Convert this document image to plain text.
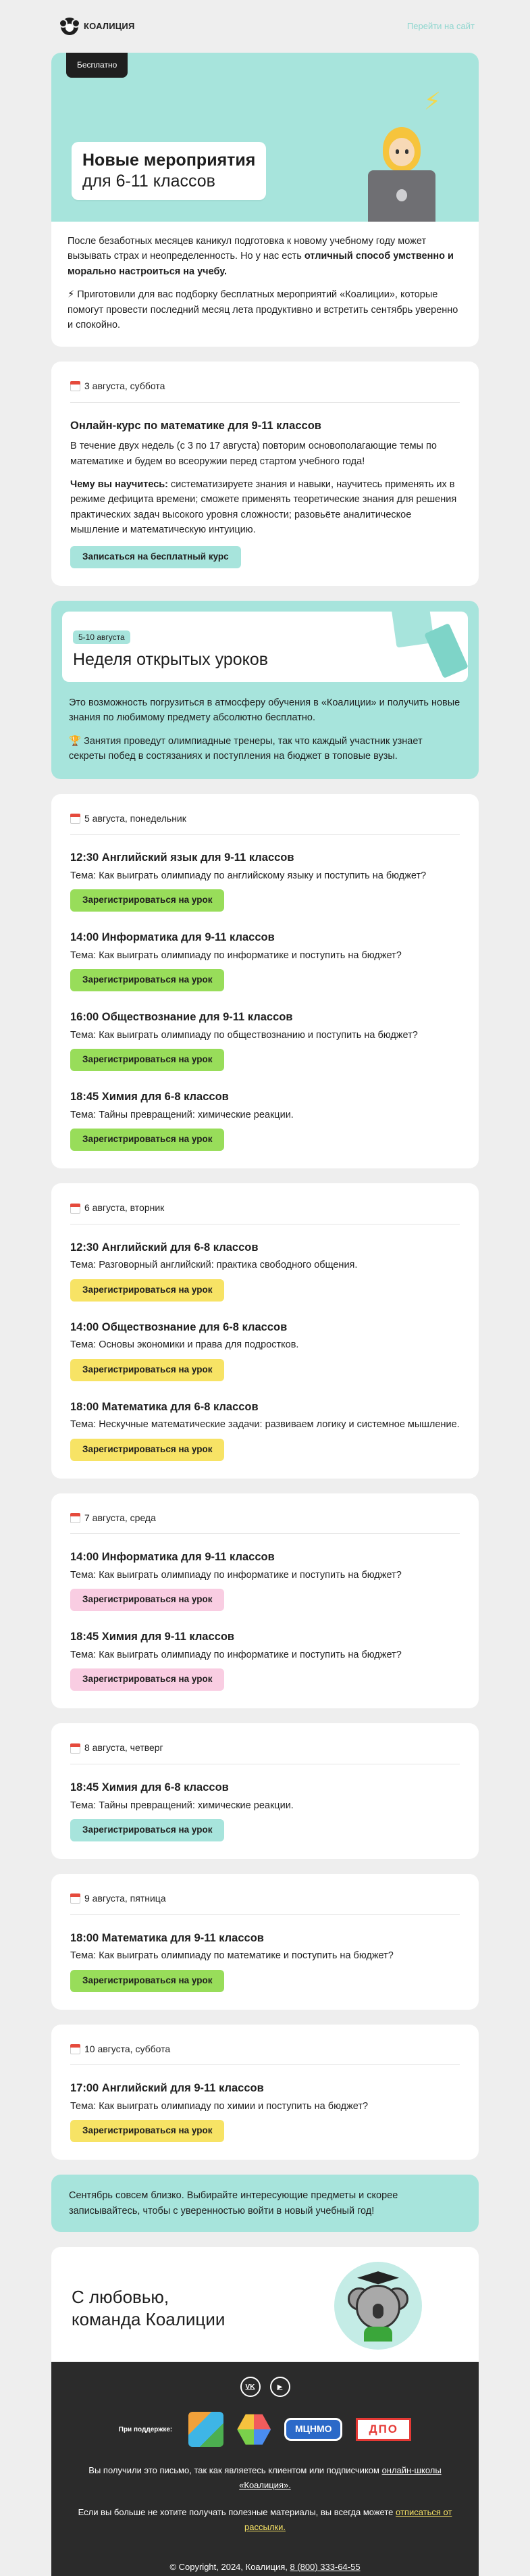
КОАЛИЦИЯ	Перейти на сайт
Бесплатно
⚡
Новые мероприятия
для 6-11 классов

После безаботных месяцев каникул подготовка к новому учебному году может вызывать страх и неопределенность. Но у нас есть отличный способ умственно и морально настроиться на учебу.

⚡ Приготовили для вас подборку бесплатных мероприятий «Коалиции», которые помогут провести последний месяц лета продуктивно и встретить сентябрь уверенно и спокойно.

3 августа, суббота
Онлайн-курс по математике для 9-11 классов

В течение двух недель (с 3 по 17 августа) повторим основополагающие темы по математике и будем во всеоружии перед стартом учебного года!

Чему вы научитесь: систематизируете знания и навыки, научитесь применять их в режиме дефицита времени; сможете применять теоретические знания для решения практических задач высокого уровня сложности; разовьёте аналитическое мышление и математическую интуицию.

Записаться на бесплатный курс
5-10 августа
Неделя открытых уроков

Это возможность погрузиться в атмосферу обучения в «Коалиции» и получить новые знания по любимому предмету абсолютно бесплатно.

🏆 Занятия проведут олимпиадные тренеры, так что каждый участник узнает секреты побед в состязаниях и поступления на бюджет в топовые вузы.

5 августа, понедельник
12:30 Английский язык для 9-11 классов
Тема: Как выиграть олимпиаду по английскому языку и поступить на бюджет?
Зарегистрироваться на урок
14:00 Информатика для 9-11 классов
Тема: Как выиграть олимпиаду по информатике и поступить на бюджет?
Зарегистрироваться на урок
16:00 Обществознание для 9-11 классов
Тема: Как выиграть олимпиаду по обществознанию и поступить на бюджет?
Зарегистрироваться на урок
18:45 Химия для 6-8 классов
Тема: Тайны превращений: химические реакции.
Зарегистрироваться на урок
6 августа, вторник
12:30 Английский для 6-8 классов
Тема: Разговорный английский: практика свободного общения.
Зарегистрироваться на урок
14:00 Обществознание для 6-8 классов
Тема: Основы экономики и права для подростков.
Зарегистрироваться на урок
18:00 Математика для 6-8 классов
Тема: Нескучные математические задачи: развиваем логику и системное мышление.
Зарегистрироваться на урок
7 августа, среда
14:00 Информатика для 9-11 классов
Тема: Как выиграть олимпиаду по информатике и поступить на бюджет?
Зарегистрироваться на урок
18:45 Химия для 9-11 классов
Тема: Как выиграть олимпиаду по информатике и поступить на бюджет?
Зарегистрироваться на урок
8 августа, четверг
18:45 Химия для 6-8 классов
Тема: Тайны превращений: химические реакции.
Зарегистрироваться на урок
9 августа, пятница
18:00 Математика для 9-11 классов
Тема: Как выиграть олимпиаду по математике и поступить на бюджет?
Зарегистрироваться на урок
10 августа, суббота
17:00 Английский для 9-11 классов
Тема: Как выиграть олимпиаду по химии и поступить на бюджет?
Зарегистрироваться на урок
Сентябрь совсем близко. Выбирайте интересующие предметы и скорее записывайтесь, чтобы с уверенностью войти в новый учебный год!
С любовью,
команда Коалиции
VK	▶
При поддержке:	МЦНМО	ДПО

Вы получили это письмо, так как являетесь клиентом или подписчиком онлайн-школы «Коалиция».

Если вы больше не хотите получать полезные материалы, вы всегда можете отписаться от рассылки.

© Copyright, 2024, Коалиция, 8 (800) 333-64-55
